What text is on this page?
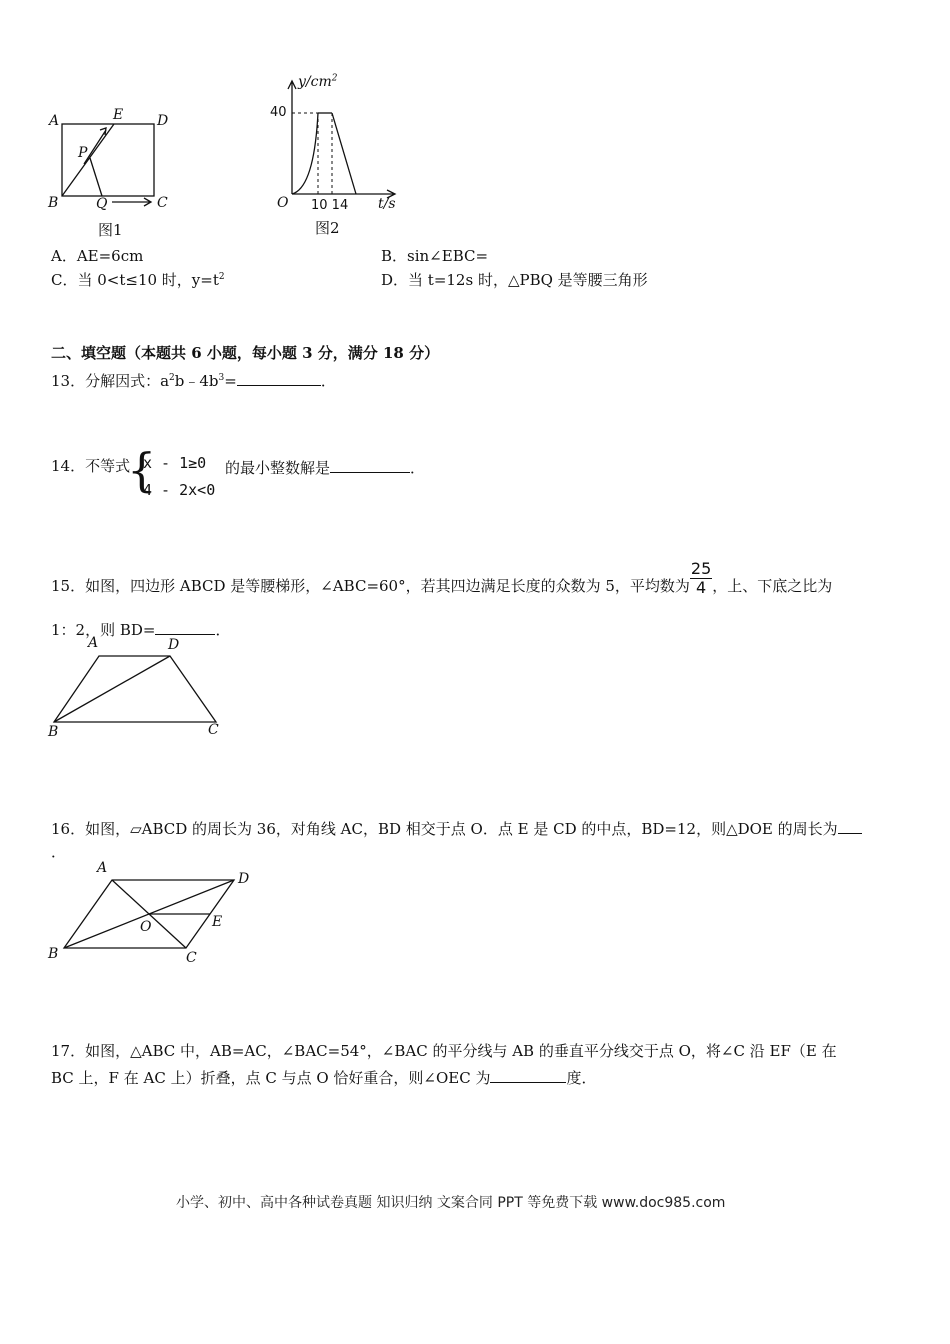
A	E D
P
B	Q	C
图1
$y/cm^2$
40
O 10 14 t/s
图2
A．AE=6cm	B．sin∠EBC=
C．当 0<t≤10 时，$y=t^2$	D．当 t=12s 时，△PBQ 是等腰三角形
二、填空题（本题共 6 小题，每小题 3 分，满分 18 分）
13．分解因式：$a^2b﹣4b^3=$	．
14．不等式
{
x - 1≥0
4 - 2x<0
的最小整数解是	．
15．如图，四边形 ABCD 是等腰梯形，∠ABC=60°，若其四边满足长度的众数为 5，平均数为 $\frac{25}{4}$ ，上、下底之比为
1：2，则 BD=	．
A	D
B	C
16．如图，▱ABCD 的周长为 36，对角线 AC，BD 相交于点 O．点 E 是 CD 的中点，BD=12，则△DOE 的周长为
．
A
D
E
O
B	C
17．如图，△ABC 中，AB=AC，∠BAC=54°，∠BAC 的平分线与 AB 的垂直平分线交于点 O，将∠C 沿 EF（E 在
BC 上，F 在 AC 上）折叠，点 C 与点 O 恰好重合，则∠OEC 为	度．
小学、初中、高中各种试卷真题 知识归纳 文案合同 PPT 等免费下载 www.doc985.com
